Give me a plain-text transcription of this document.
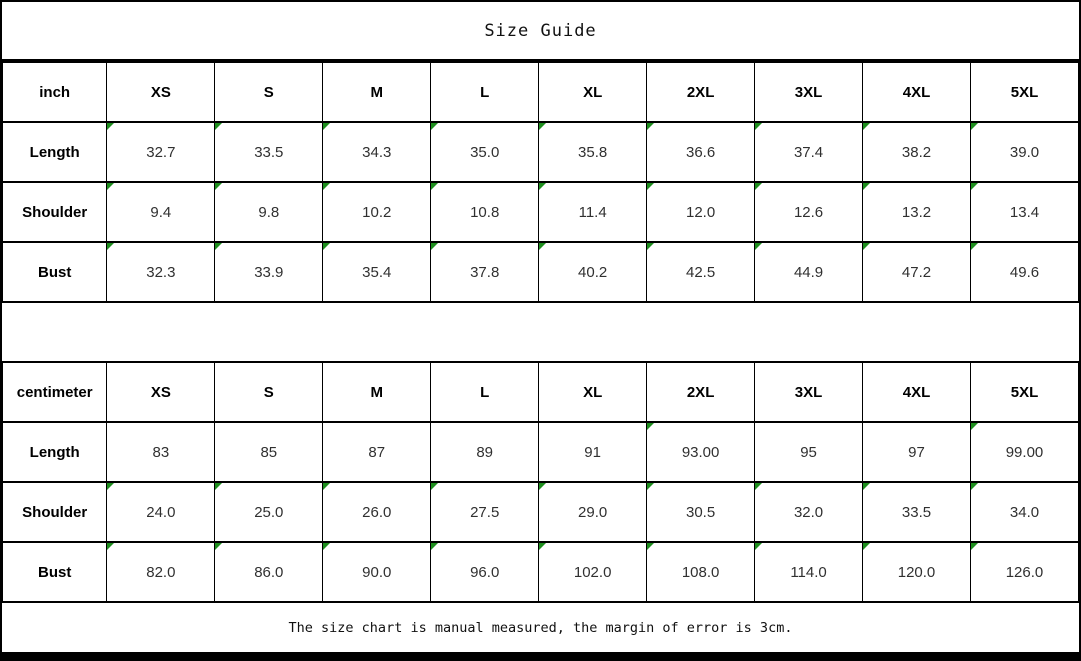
Size Guide
inch	XS	S	M	L	XL	2XL	3XL	4XL	5XL
Length	32.7	33.5	34.3	35.0	35.8	36.6	37.4	38.2	39.0
Shoulder	9.4	9.8	10.2	10.8	11.4	12.0	12.6	13.2	13.4
Bust	32.3	33.9	35.4	37.8	40.2	42.5	44.9	47.2	49.6
centimeter	XS	S	M	L	XL	2XL	3XL	4XL	5XL
Length	83	85	87	89	91	93.00	95	97	99.00
Shoulder	24.0	25.0	26.0	27.5	29.0	30.5	32.0	33.5	34.0
Bust	82.0	86.0	90.0	96.0	102.0	108.0	114.0	120.0	126.0
The size chart is manual measured, the margin of error is 3cm.
